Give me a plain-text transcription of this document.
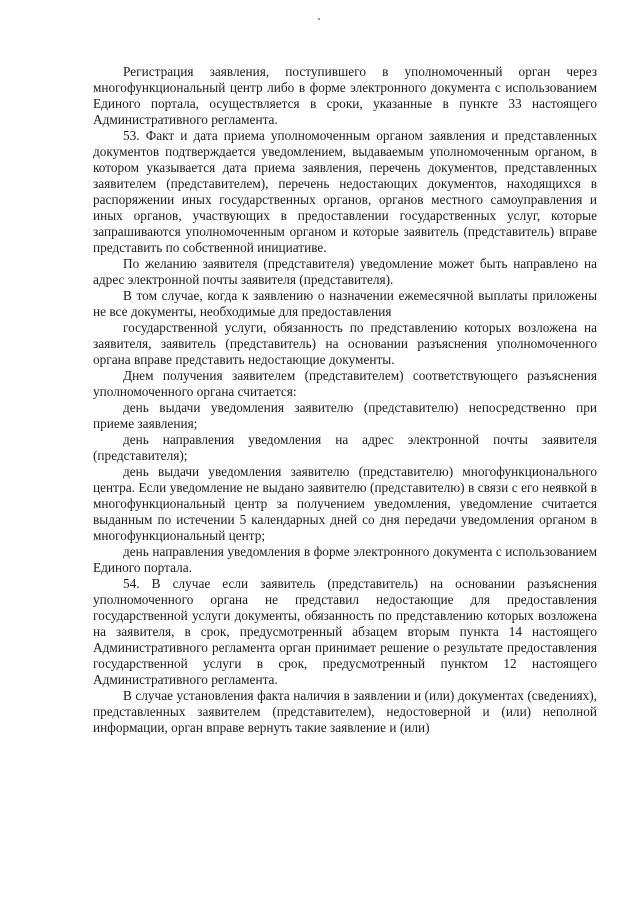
Регистрация заявления, поступившего в уполномоченный орган через многофункциональный центр либо в форме электронного документа с использованием Единого портала, осуществляется в сроки, указанные в пункте 33 настоящего Административного регламента.

53. Факт и дата приема уполномоченным органом заявления и представленных документов подтверждается уведомлением, выдаваемым уполномоченным органом, в котором указывается дата приема заявления, перечень документов, представленных заявителем (представителем), перечень недостающих документов, находящихся в распоряжении иных государственных органов, органов местного самоуправления и иных органов, участвующих в предоставлении государственных услуг, которые запрашиваются уполномоченным органом и которые заявитель (представитель) вправе представить по собственной инициативе.

По желанию заявителя (представителя) уведомление может быть направлено на адрес электронной почты заявителя (представителя).

В том случае, когда к заявлению о назначении ежемесячной выплаты приложены не все документы, необходимые для предоставления

государственной услуги, обязанность по представлению которых возложена на заявителя, заявитель (представитель) на основании разъяснения уполномоченного органа вправе представить недостающие документы.

Днем получения заявителем (представителем) соответствующего разъяснения уполномоченного органа считается:

день выдачи уведомления заявителю (представителю) непосредственно при приеме заявления;

день направления уведомления на адрес электронной почты заявителя (представителя);

день выдачи уведомления заявителю (представителю) многофункционального центра. Если уведомление не выдано заявителю (представителю) в связи с его неявкой в многофункциональный центр за получением уведомления, уведомление считается выданным по истечении 5 календарных дней со дня передачи уведомления органом в многофункциональный центр;

день направления уведомления в форме электронного документа с использованием Единого портала.

54. В случае если заявитель (представитель) на основании разъяснения уполномоченного органа не представил недостающие для предоставления государственной услуги документы, обязанность по представлению которых возложена на заявителя, в срок, предусмотренный абзацем вторым пункта 14 настоящего Административного регламента орган принимает решение о результате предоставления государственной услуги в срок, предусмотренный пунктом 12 настоящего Административного регламента.

В случае установления факта наличия в заявлении и (или) документах (сведениях), представленных заявителем (представителем), недостоверной и (или) неполной информации, орган вправе вернуть такие заявление и (или)
